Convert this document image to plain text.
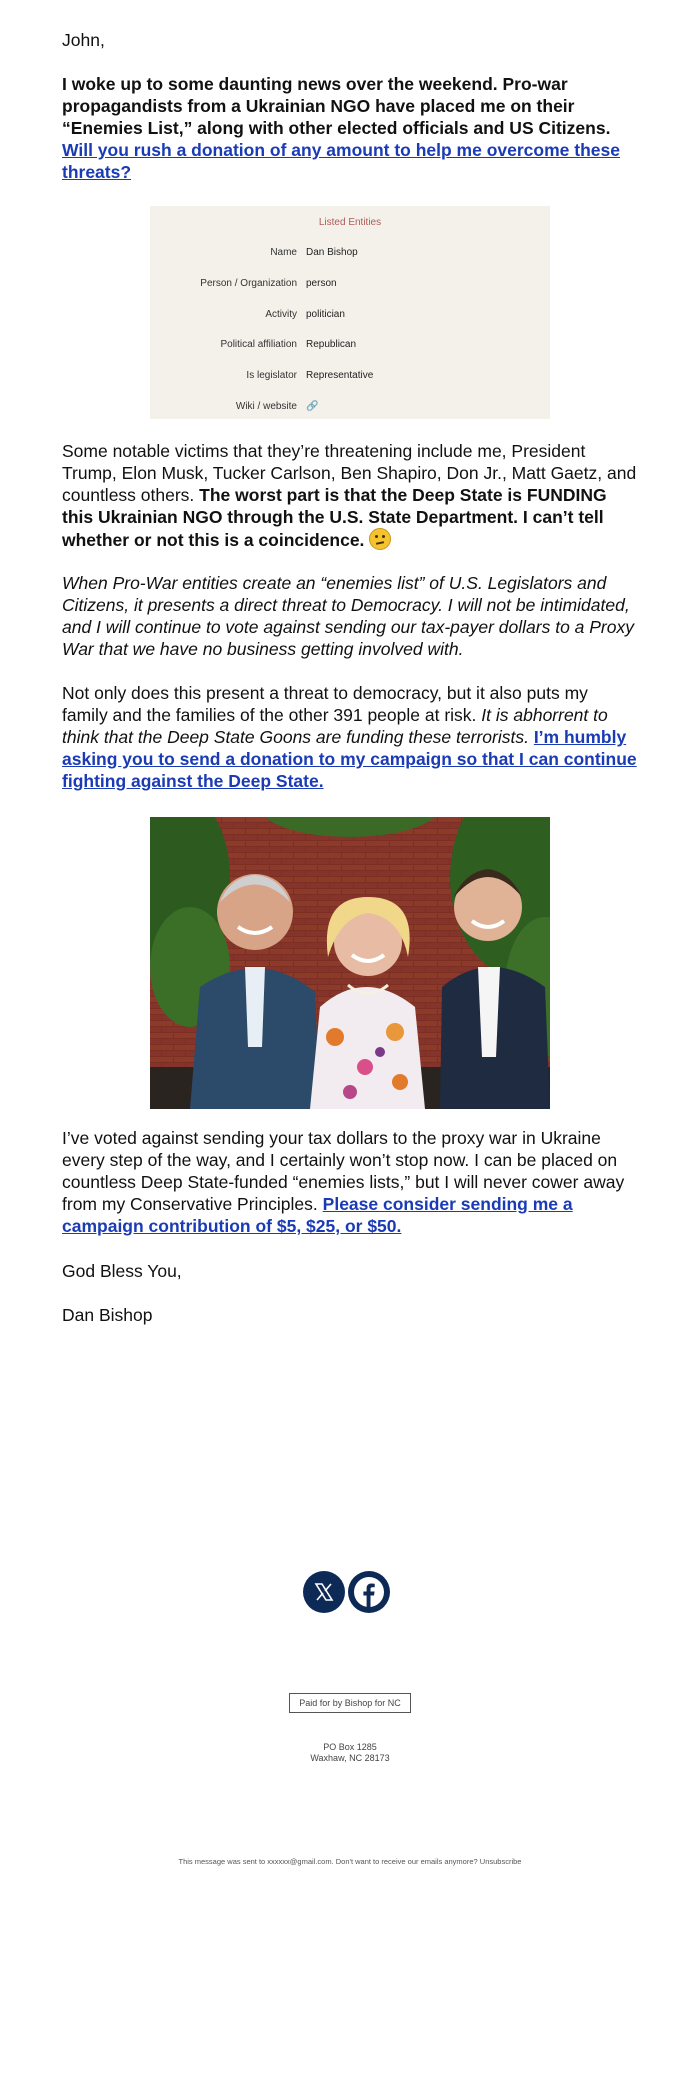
John,

I woke up to some daunting news over the weekend. Pro-war propagandists from a Ukrainian NGO have placed me on their “Enemies List,” along with other elected officials and US Citizens. Will you rush a donation of any amount to help me overcome these threats?

Some notable victims that they’re threatening include me, President Trump, Elon Musk, Tucker Carlson, Ben Shapiro, Don Jr., Matt Gaetz, and countless others. The worst part is that the Deep State is FUNDING this Ukrainian NGO through the U.S. State Department. I can’t tell whether or not this is a coincidence.

When Pro-War entities create an “enemies list” of U.S. Legislators and Citizens, it presents a direct threat to Democracy. I will not be intimidated, and I will continue to vote against sending our tax-payer dollars to a Proxy War that we have no business getting involved with.

Not only does this present a threat to democracy, but it also puts my family and the families of the other 391 people at risk. It is abhorrent to think that the Deep State Goons are funding these terrorists. I’m humbly asking you to send a donation to my campaign so that I can continue fighting against the Deep State.

I’ve voted against sending your tax dollars to the proxy war in Ukraine every step of the way, and I certainly won’t stop now. I can be placed on countless Deep State-funded “enemies lists,” but I will never cower away from my Conservative Principles. Please consider sending me a campaign contribution of $5, $25, or $50.

God Bless You,

Dan Bishop

Listed Entities
Name Dan Bishop
Person / Organization person
Activity politician
Political affiliation Republican
Is legislator Representative
Wiki / website 🔗
Paid for by Bishop for NC
PO Box 1285
Waxhaw, NC 28173
This message was sent to xxxxxx@gmail.com. Don't want to receive our emails anymore? Unsubscribe
